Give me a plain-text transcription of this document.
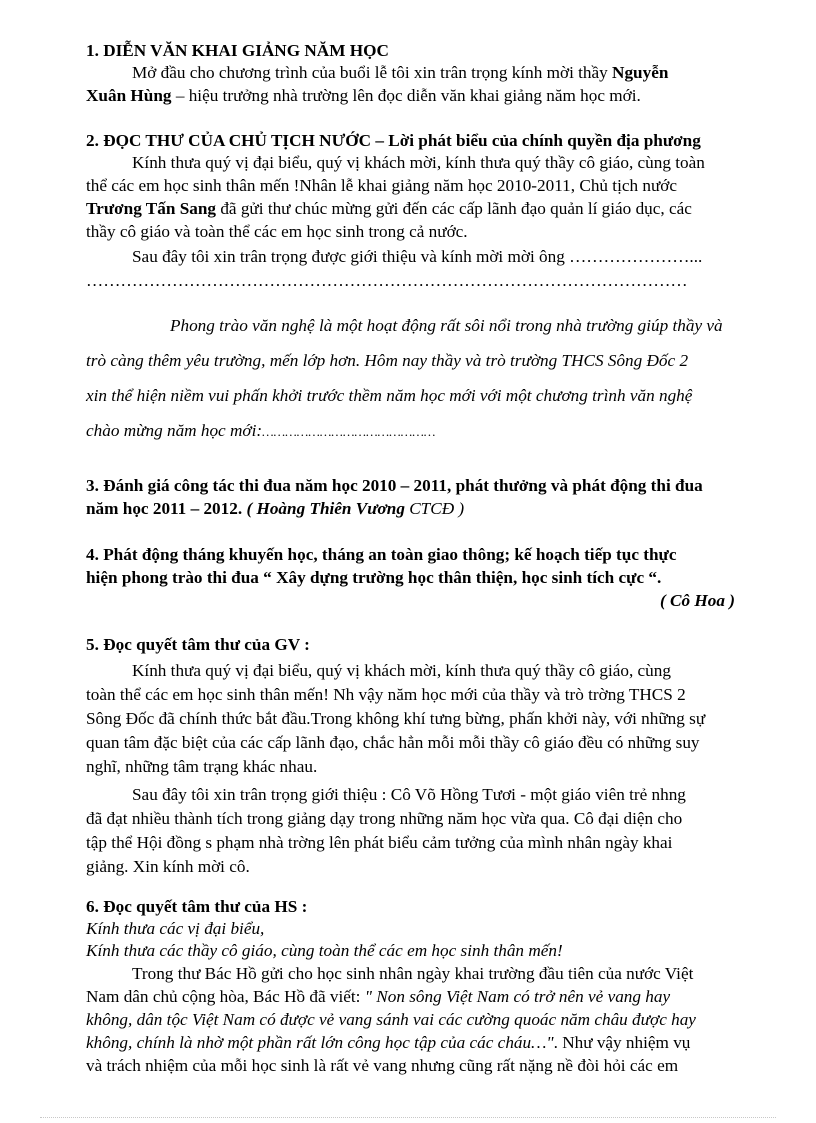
1. DIỄN VĂN KHAI GIẢNG NĂM HỌC
Mở đầu cho chương trình của buổi lễ tôi xin trân trọng kính mời thầy Nguyễn
Xuân Hùng – hiệu trưởng nhà trường lên đọc diễn văn khai giảng năm học mới.
2. ĐỌC THƯ CỦA CHỦ TỊCH NƯỚC – Lời phát biểu của chính quyền địa phương
Kính thưa quý vị đại biểu, quý vị khách mời, kính thưa quý thầy cô giáo, cùng toàn
thể các em học sinh thân mến !Nhân lễ khai giảng năm học 2010-2011, Chủ tịch nước
Trương Tấn Sang đã gửi thư chúc mừng gửi đến các cấp lãnh đạo quản lí giáo dục, các
thầy cô giáo và toàn thể các em học sinh trong cả nước.
Sau đây tôi xin trân trọng được giới thiệu và kính mời mời ông …………………...
……………………………………………………………………………………………
Phong trào văn nghệ là một hoạt động rất sôi nổi trong nhà trường giúp thầy và
trò càng thêm yêu trường, mến lớp hơn. Hôm nay thầy và trò trường THCS Sông Đốc 2
xin thể hiện niềm vui phấn khởi trước thềm năm học mới với một chương trình văn nghệ
chào mừng năm học mới:………………………………………
3. Đánh giá công tác thi đua năm học 2010 – 2011, phát thưởng và phát động thi đua
năm học 2011 – 2012. ( Hoàng Thiên Vương CTCĐ )
4. Phát động tháng khuyến học, tháng an toàn giao thông; kế hoạch tiếp tục thực
hiện phong trào thi đua “ Xây dựng trường học thân thiện, học sinh tích cực “.
( Cô Hoa )
5. Đọc quyết tâm thư của GV :
Kính thưa quý vị đại biểu, quý vị khách mời, kính thưa quý thầy cô giáo, cùng
toàn thể các em học sinh thân mến! Nh vậy năm học mới của thầy và trò trờng THCS 2
Sông Đốc đã chính thức bắt đầu.Trong không khí tưng bừng, phấn khởi này, với những sự
quan tâm đặc biệt của các cấp lãnh đạo, chắc hẳn mỗi mỗi thầy cô giáo đều có những suy
nghĩ, những tâm trạng khác nhau.
Sau đây tôi xin trân trọng giới thiệu : Cô Võ Hồng Tươi - một giáo viên trẻ nhng
đã đạt nhiều thành tích trong giảng dạy trong những năm học vừa qua. Cô đại diện cho
tập thể Hội đồng s phạm nhà trờng lên phát biểu cảm tưởng của mình nhân ngày khai
giảng. Xin kính mời cô.
6. Đọc quyết tâm thư của HS :
Kính thưa các vị đại biểu,
Kính thưa các thầy cô giáo, cùng toàn thể các em học sinh thân mến!
Trong thư Bác Hồ gửi cho học sinh nhân ngày khai trường đầu tiên của nước Việt
Nam dân chủ cộng hòa, Bác Hồ đã viết: " Non sông Việt Nam có trở nên vẻ vang hay
không, dân tộc Việt Nam có được vẻ vang sánh vai các cường quoác năm châu được hay
không, chính là nhờ một phần rất lớn công học tập của các cháu…". Như vậy nhiệm vụ
và trách nhiệm của mỗi học sinh là rất vẻ vang nhưng cũng rất nặng nề đòi hỏi các em
